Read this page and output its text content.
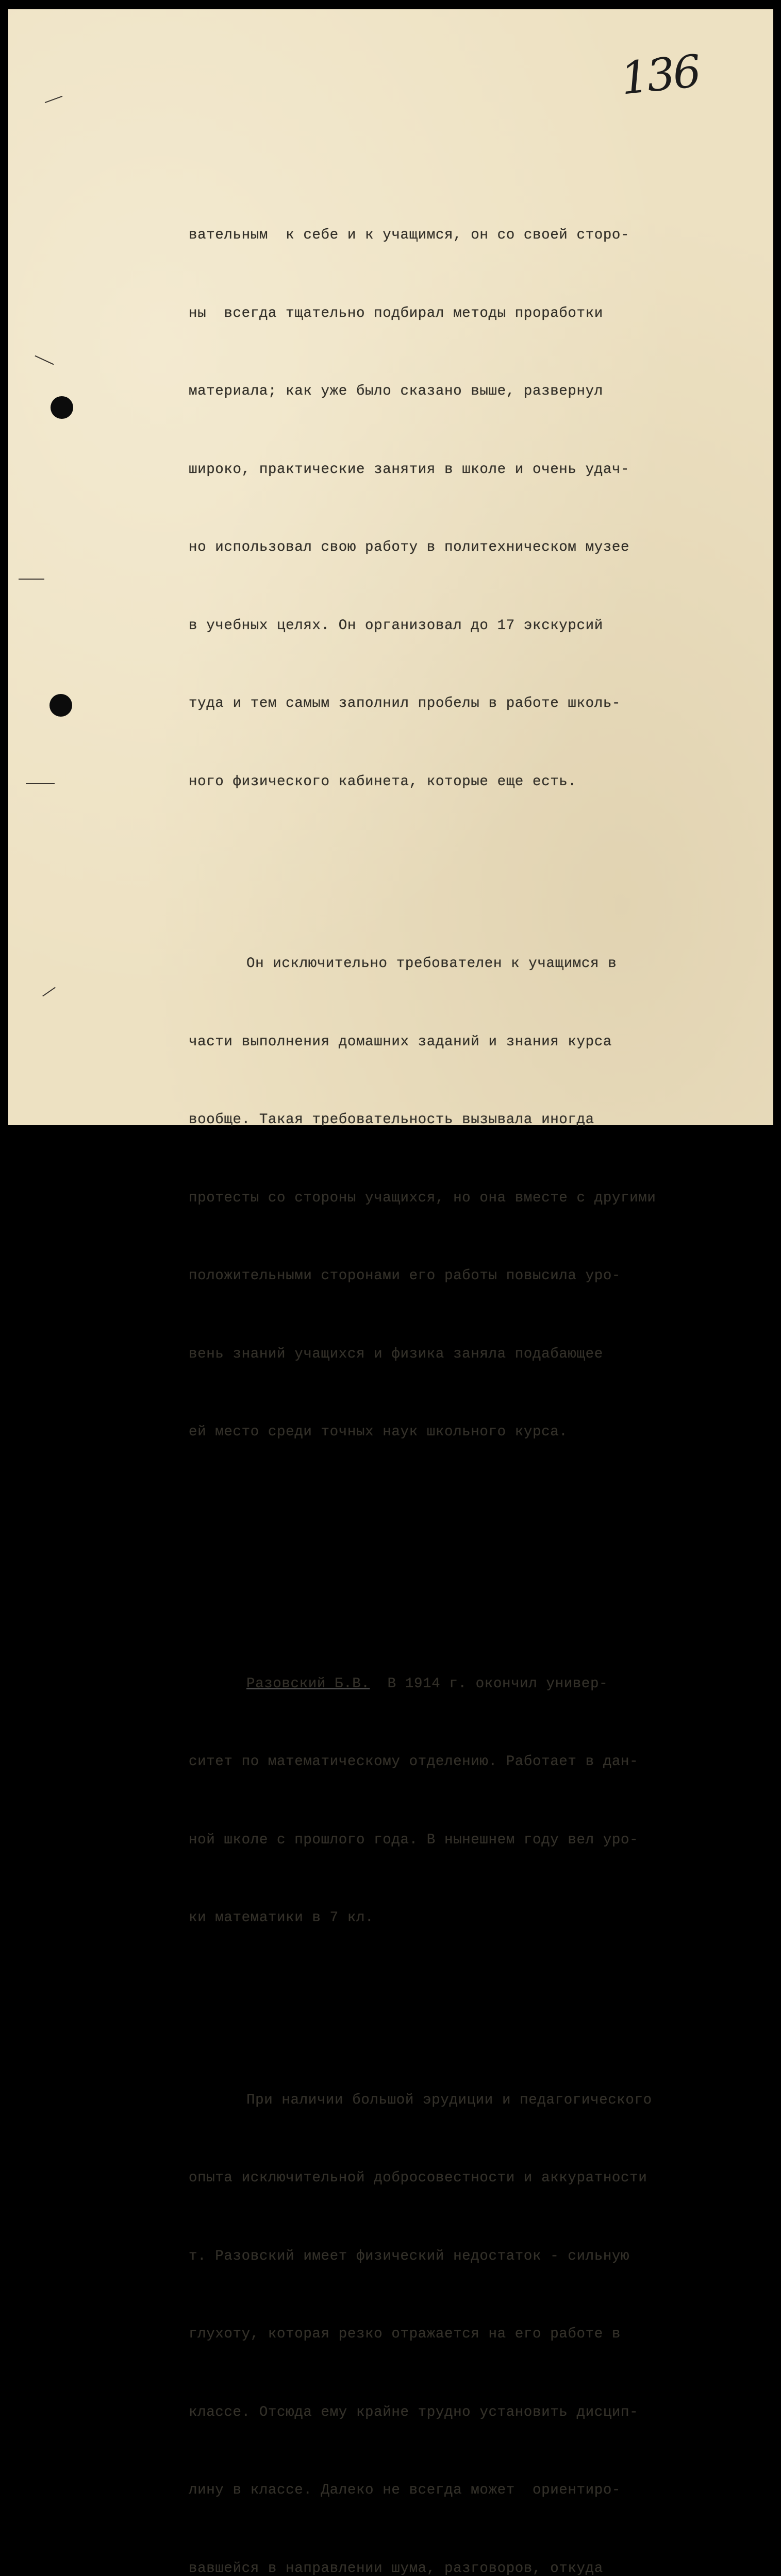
136

вательным  к себе и к учащимся, он со своей сторо-

ны  всегда тщательно подбирал методы проработки

материала; как уже было сказано выше, развернул

широко, практические занятия в школе и очень удач-

но использовал свою работу в политехническом музее

в учебных целях. Он организовал до 17 экскурсий

туда и тем самым заполнил пробелы в работе школь-

ного физического кабинета, которые еще есть.

Он исключительно требователен к учащимся в

части выполнения домашних заданий и знания курса

вообще. Такая требовательность вызывала иногда

протесты со стороны учащихся, но она вместе с другими

положительными сторонами его работы повысила уро-

вень знаний учащихся и физика заняла подабающее

ей место среди точных наук школьного курса.

Разовский Б.В.  В 1914 г. окончил универ-

ситет по математическому отделению. Работает в дан-

ной школе с прошлого года. В нынешнем году вел уро-

ки математики в 7 кл.

При наличии большой эрудиции и педагогического

опыта исключительной добросовестности и аккуратности

т. Разовский имеет физический недостаток - сильную

глухоту, которая резко отражается на его работе в

классе. Отсюда ему крайне трудно установить дисцип-

лину в классе. Далеко не всегда может  ориентиро-

вавшейся в направлении шума, разговоров, откуда
